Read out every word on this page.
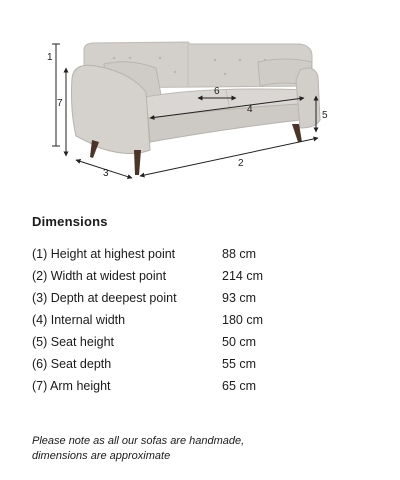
1
2
3
4
5
6
7
Dimensions
(1) Height at highest point	88 cm
(2) Width at widest point	214 cm
(3) Depth at deepest point	93 cm
(4) Internal width	180 cm
(5) Seat height	50 cm
(6) Seat depth	55 cm
(7) Arm height	65 cm
Please note as all our sofas are handmade,
dimensions are approximate
